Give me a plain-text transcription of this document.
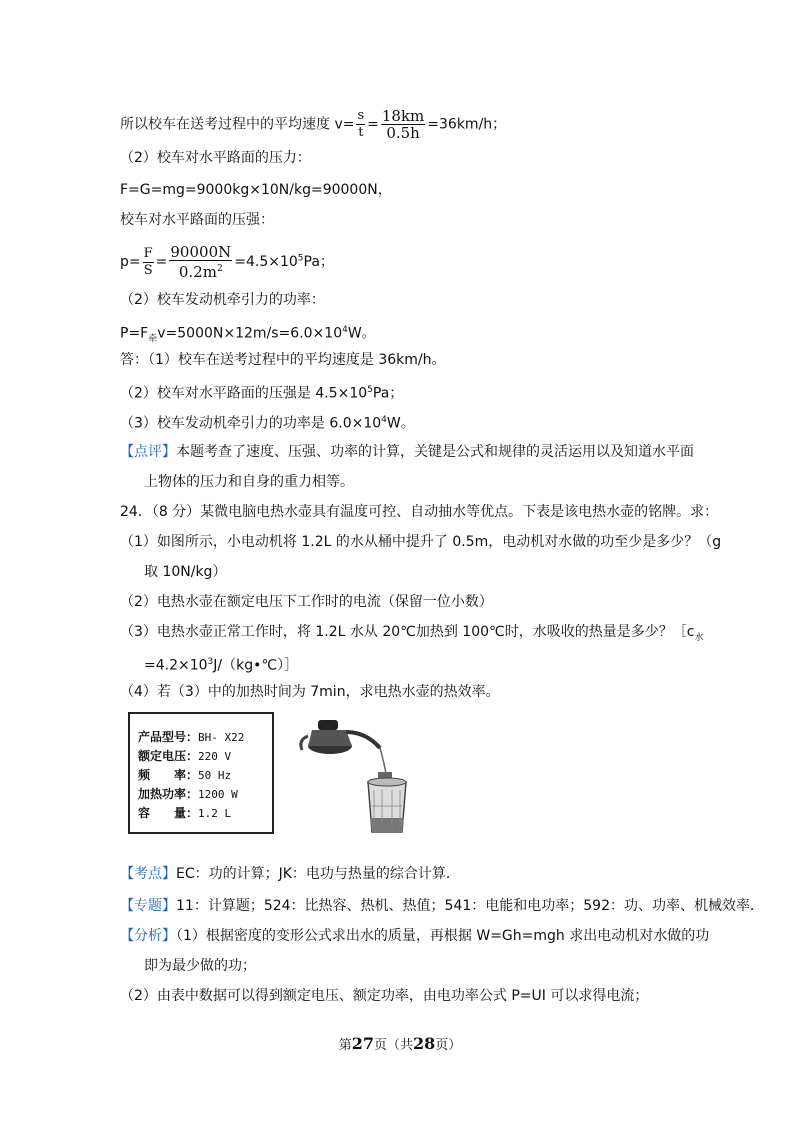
所以校车在送考过程中的平均速度 $v= \frac{s}{t} = \frac{18km}{0.5h} =36km/h$；
（2）校车对水平路面的压力：
F=G=mg=9000kg×10N/kg=90000N，
校车对水平路面的压强：
$p= \frac{F}{S} = \frac{90000N}{0.2m^2} =4.5\times 10^5Pa$；
（2）校车发动机牵引力的功率：
$P=F_牵v=5000N\times 12m/s=6.0\times 10^4W$。
答：（1）校车在送考过程中的平均速度是 36km/h。
（2）校车对水平路面的压强是 $4.5\times 10^5Pa$；
（3）校车发动机牵引力的功率是 $6.0\times 10^4W$。
【点评】本题考查了速度、压强、功率的计算，关键是公式和规律的灵活运用以及知道水平面
上物体的压力和自身的重力相等。
24．（8 分）某微电脑电热水壶具有温度可控、自动抽水等优点。下表是该电热水壶的铭牌。求：
（1）如图所示，小电动机将 1.2L 的水从桶中提升了 0.5m，电动机对水做的功至少是多少？（g
取 10N/kg）
（2）电热水壶在额定电压下工作时的电流（保留一位小数）
（3）电热水壶正常工作时，将 1.2L 水从 20℃加热到 100℃时，水吸收的热量是多少？$[c_水$
$=4.2\times 10^3J/(kg•℃)]$
（4）若（3）中的加热时间为 7min，求电热水壶的热效率。
产品型号：BH- X22
额定电压：220 V
频　　率：50 Hz
加热功率：1200 W
容　　量：1.2 L
【考点】EC：功的计算；JK：电功与热量的综合计算．
【专题】11：计算题；524：比热容、热机、热值；541：电能和电功率；592：功、功率、机械效率．
【分析】（1）根据密度的变形公式求出水的质量，再根据 W=Gh=mgh 求出电动机对水做的功
即为最少做的功；
（2）由表中数据可以得到额定电压、额定功率，由电功率公式 P=UI 可以求得电流；
第27页（共28页）
